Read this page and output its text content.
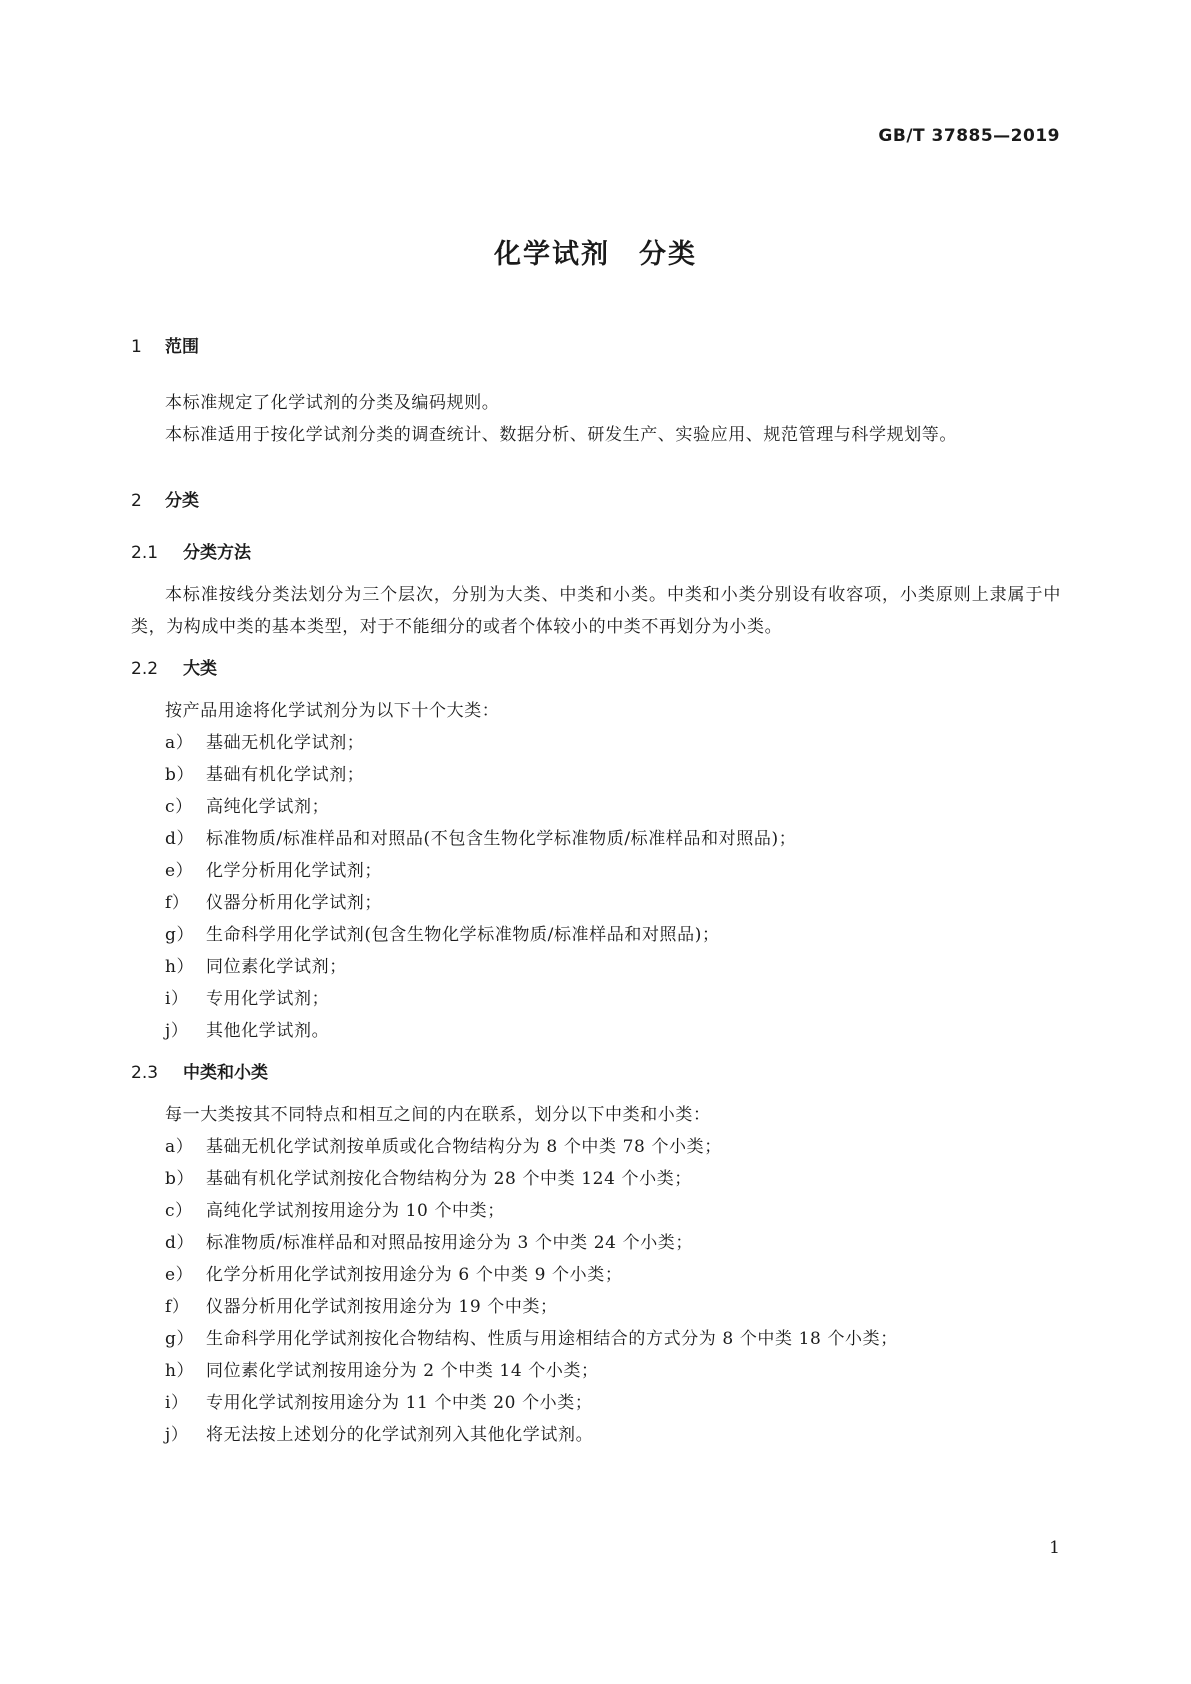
GB/T 37885—2019
化学试剂　分类
1 范围
本标准规定了化学试剂的分类及编码规则。
本标准适用于按化学试剂分类的调查统计、数据分析、研发生产、实验应用、规范管理与科学规划等。
2 分类
2.1 分类方法
本标准按线分类法划分为三个层次，分别为大类、中类和小类。中类和小类分别设有收容项，小类原则上隶属于中类，为构成中类的基本类型，对于不能细分的或者个体较小的中类不再划分为小类。
2.2 大类
按产品用途将化学试剂分为以下十个大类：
a） 基础无机化学试剂；
b） 基础有机化学试剂；
c） 高纯化学试剂；
d） 标准物质/标准样品和对照品(不包含生物化学标准物质/标准样品和对照品)；
e） 化学分析用化学试剂；
f） 仪器分析用化学试剂；
g） 生命科学用化学试剂(包含生物化学标准物质/标准样品和对照品)；
h） 同位素化学试剂；
i） 专用化学试剂；
j） 其他化学试剂。
2.3 中类和小类
每一大类按其不同特点和相互之间的内在联系，划分以下中类和小类：
a） 基础无机化学试剂按单质或化合物结构分为 8 个中类 78 个小类；
b） 基础有机化学试剂按化合物结构分为 28 个中类 124 个小类；
c） 高纯化学试剂按用途分为 10 个中类；
d） 标准物质/标准样品和对照品按用途分为 3 个中类 24 个小类；
e） 化学分析用化学试剂按用途分为 6 个中类 9 个小类；
f） 仪器分析用化学试剂按用途分为 19 个中类；
g） 生命科学用化学试剂按化合物结构、性质与用途相结合的方式分为 8 个中类 18 个小类；
h） 同位素化学试剂按用途分为 2 个中类 14 个小类；
i） 专用化学试剂按用途分为 11 个中类 20 个小类；
j） 将无法按上述划分的化学试剂列入其他化学试剂。
1
